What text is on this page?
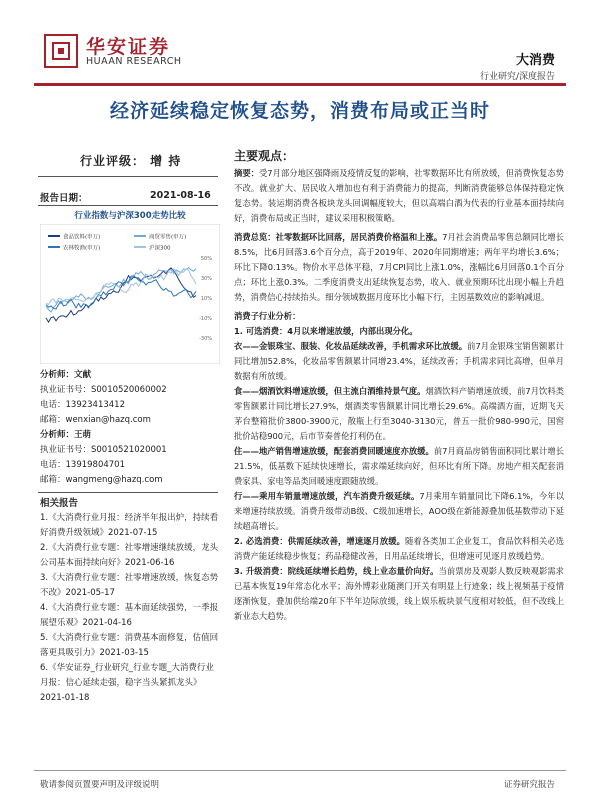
华安证券
HUAAN RESEARCH	大消费
行业研究/深度报告
经济延续稳定恢复态势，消费布局或正当时
行业评级： 增 持
报告日期：	2021-08-16
行业指数与沪深300走势比较
食品饮料(申万)	商贸零售(申万)
农林牧渔(申万)	沪深300
50%
30%
10%
-10%
-30%
分析师：文献
执业证书号：S0010520060002
电话：13923413412
邮箱：wenxian@hazq.com
分析师：王萌
执业证书号：S0010521020001
电话：13919804701
邮箱：wangmeng@hazq.com
相关报告
1.《大消费行业月报：经济半年报出炉，持续看好消费升级领域》2021-07-15
2.《大消费行业专题：社零增速继续放缓，龙头公司基本面持续向好》2021-06-16
3.《大消费行业专题：社零增速放缓，恢复态势不改》2021-05-17
4.《大消费行业专题：基本面延续强势，一季报展望乐观》2021-04-16
5.《大消费行业专题：消费基本面修复，估值回落更具吸引力》2021-03-15
6.《华安证券_行业研究_行业专题_大消费行业月报：信心延续走强，稳字当头紧抓龙头》2021-01-18
主要观点：
摘要：受7月部分地区强降雨及疫情反复的影响，社零数据环比有所放缓，但消费恢复态势不改。就业扩大、居民收入增加也有利于消费能力的提高，判断消费能够总体保持稳定恢复态势。装运期消费各板块龙头回调幅度较大，但以高端白酒为代表的行业基本面持续向好，消费布局或正当时，建议采用积极策略。
消费总览：社零数据环比回落，居民消费价格温和上涨。7月社会消费品零售总额同比增长8.5%，比6月回落3.6个百分点，高于2019年、2020年同期增速；两年平均增长3.6%；环比下降0.13%。物价水平总体平稳，7月CPI同比上涨1.0%，涨幅比6月回落0.1个百分点；环比上涨0.3%。二季度消费支出延续恢复态势，收入、就业预期环比出现小幅上升趋势，消费信心持续抬头。细分领域数据月度环比小幅下行，主因基数效应的影响减退。
消费子行业分析：
1. 可选消费：4月以来增速放缓，内部出现分化。
衣——金银珠宝、服装、化妆品延续改善，手机需求环比放缓。前7月金银珠宝销售额累计同比增加52.8%，化妆品零售额累计同增23.4%，延续改善；手机需求同比高增，但单月数据有所放缓。
食——烟酒饮料增速放缓，但主流白酒维持景气度。烟酒饮料产销增速放缓，前7月饮料类零售额累计同比增长27.9%，烟酒类零售额累计同比增长29.6%。高端酒方面，近期飞天茅台整箱批价3800-3900元，散瓶上行至3040-3130元，普五一批价980-990元，国窖批价站稳900元，后市节奏普伦打利仍在。
住——地产销售增速放缓，配套消费回暖速度亦放缓。前7月商品房销售面积同比累计增长21.5%，低基数下延续快速增长，需求端延续向好，但环比有所下降。房地产相关配套消费家具、家电等品类回暖速度跟随放缓。
行——乘用车销量增速放缓，汽车消费升级延续。7月乘用车销量同比下降6.1%，今年以来增速持续放缓。消费升级带动B级、C级加速增长，AOO级在新能源叠加低基数带动下延续超高增长。
2. 必选消费：供需延续改善，增速逐月放缓。随着各类加工企业复工，食品饮料相关必选消费产能延续稳步恢复；药品稳健改善，日用品延续增长，但增速可见逐月放缓趋势。
3. 升级消费：院线延续增长趋势，线上业态量价向好。当前票房及观影人数反映观影需求已基本恢复19年常态化水平；海外博彩业随澳门开关有明显上行迹象；线上视频基于疫情逐渐恢复，叠加供给端20年下半年边际放缓，线上娱乐板块景气度相对较低，但不改线上新业态大趋势。
敬请参阅页置要声明及评级说明	证券研究报告
